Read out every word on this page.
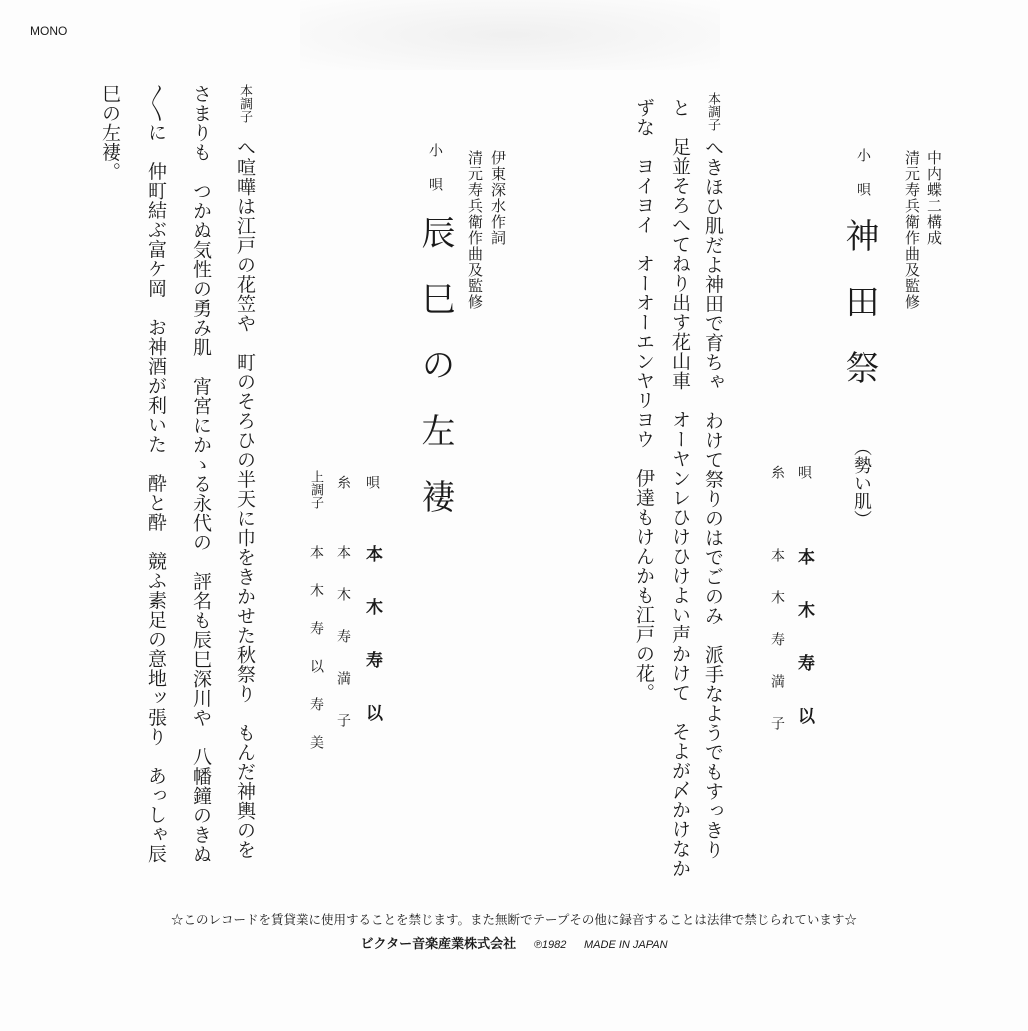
MONO
中内蝶二構成
清元寿兵衛作曲及監修
小唄
神田祭
（勢い肌）
唄
本木寿以
糸
本木寿満子
本調子
へきほひ肌だよ神田で育ちゃ　わけて祭りのはでごのみ　派手なようでもすっきり
と　足並そろへてねり出す花山車　オーヤンレひけひけよい声かけて　そよが〆かけなか
ずな　ヨイヨイ　オーオーエンヤリヨウ　伊達もけんかも江戸の花。
伊東深水作詞
清元寿兵衛作曲及監修
小唄
辰巳の左褄
唄
本木寿以
糸
本木寿満子
上調子
本木寿以寿美
本調子
へ喧嘩は江戸の花笠や　町のそろひの半天に巾をきかせた秋祭り　もんだ神輿のを
さまりも　つかぬ気性の勇み肌　宵宮にかゝる永代の　評名も辰巳深川や　八幡鐘のきぬ
〳〵に　仲町結ぶ富ケ岡　お神酒が利いた　酔と酔　競ふ素足の意地ッ張り　あっしゃ辰
巳の左褄。
☆このレコードを賃貸業に使用することを禁じます。また無断でテープその他に録音することは法律で禁じられています☆
ビクター音楽産業株式会社 ℗1982 MADE IN JAPAN
